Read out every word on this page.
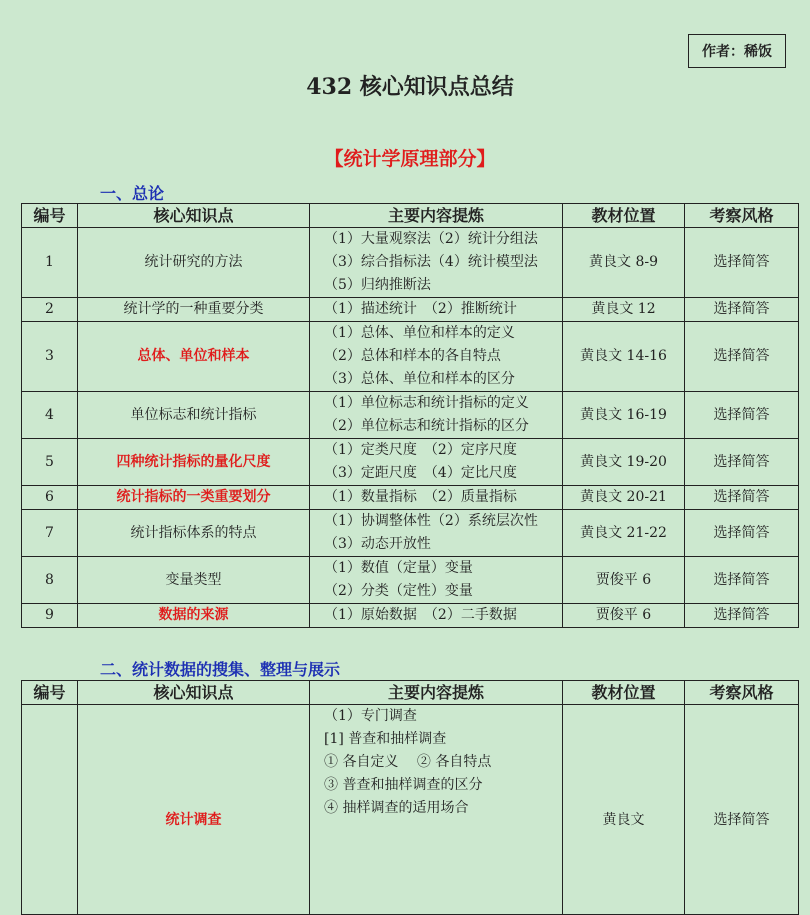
作者：稀饭
432 核心知识点总结
【统计学原理部分】
一、总论
编号	核心知识点	主要内容提炼	教材位置	考察风格
1	统计研究的方法	（1）大量观察法（2）统计分组法
（3）综合指标法（4）统计模型法
（5）归纳推断法	黄良文 8-9	选择简答
2	统计学的一种重要分类	（1）描述统计　（2）推断统计	黄良文 12	选择简答
3	总体、单位和样本	（1）总体、单位和样本的定义
（2）总体和样本的各自特点
（3）总体、单位和样本的区分	黄良文 14-16	选择简答
4	单位标志和统计指标	（1）单位标志和统计指标的定义
（2）单位标志和统计指标的区分	黄良文 16-19	选择简答
5	四种统计指标的量化尺度	（1）定类尺度　（2）定序尺度
（3）定距尺度　（4）定比尺度	黄良文 19-20	选择简答
6	统计指标的一类重要划分	（1）数量指标　（2）质量指标	黄良文 20-21	选择简答
7	统计指标体系的特点	（1）协调整体性（2）系统层次性
（3）动态开放性	黄良文 21-22	选择简答
8	变量类型	（1）数值（定量）变量
（2）分类（定性）变量	贾俊平 6	选择简答
9	数据的来源	（1）原始数据　（2）二手数据	贾俊平 6	选择简答
二、统计数据的搜集、整理与展示
编号	核心知识点	主要内容提炼	教材位置	考察风格
	统计调查	（1）专门调查
[1] 普查和抽样调查
① 各自定义　 ② 各自特点
③ 普查和抽样调查的区分
④ 抽样调查的适用场合	黄良文	选择简答
